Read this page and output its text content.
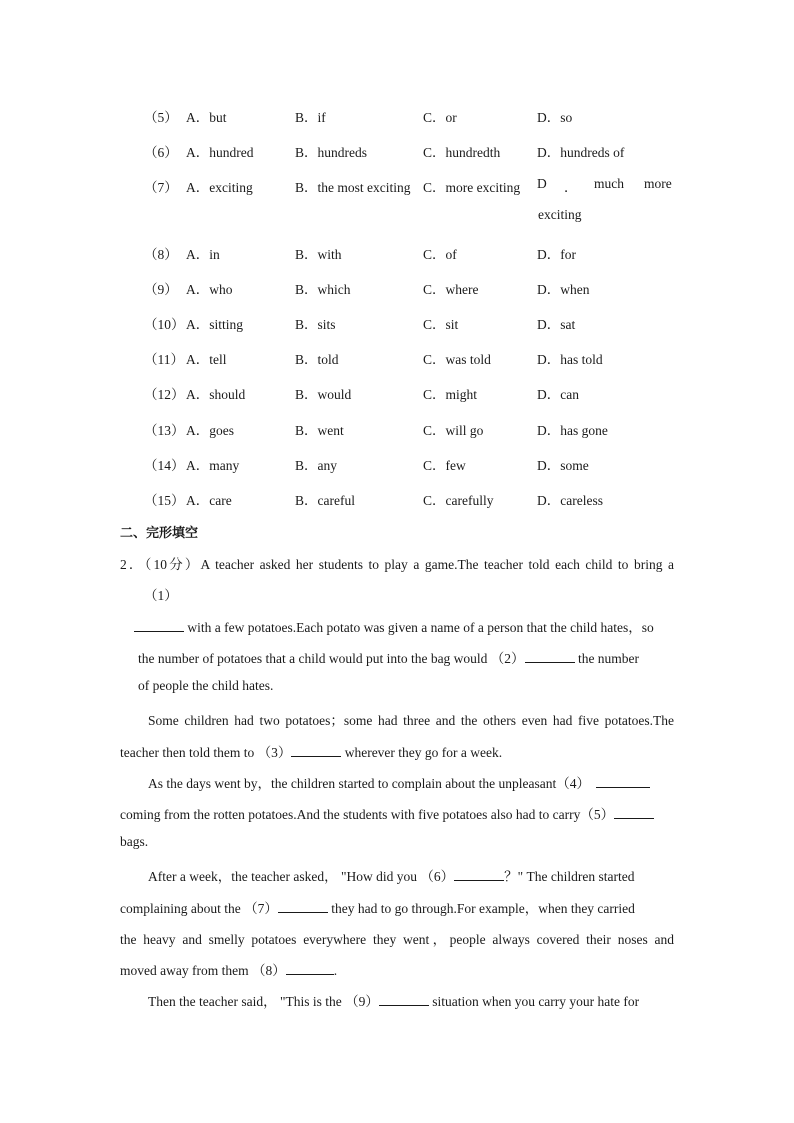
（5） A．but	B．if	C．or	D．so
（6） A．hundred	B．hundreds	C．hundredth	D．hundreds of
（7） A．exciting	B．the most exciting C．more exciting D ． much more
exciting
（8） A．in	B．with	C．of	D．for
（9） A．who	B．which	C．where	D．when
（10） A．sitting	B．sits	C．sit	D．sat
（11） A．tell	B．told	C．was told	D．has told
（12） A．should	B．would	C．might	D．can
（13） A．goes	B．went	C．will go	D．has gone
（14） A．many	B．any	C．few	D．some
（15） A．care	B．careful	C．carefully	D．careless
二、完形填空
2．（10分）A teacher asked her students to play a game.The teacher told each child to bring a
（1）
with a few potatoes.Each potato was given a name of a person that the child hates，so
the number of potatoes that a child would put into the bag would （2）	the number
of people the child hates.
Some children had two potatoes；some had three and the others even had five potatoes.The
teacher then told them to （3）	wherever they go for a week.
As the days went by，the children started to complain about the unpleasant（4）
coming from the rotten potatoes.And the students with five potatoes also had to carry（5）
bags.
After a week，the teacher asked， "How did you （6）	？" The children started
complaining about the （7）	they had to go through.For example，when they carried
the heavy and smelly potatoes everywhere they went，people always covered their noses and
moved away from them （8）	.
Then the teacher said， "This is the （9）	situation when you carry your hate for
